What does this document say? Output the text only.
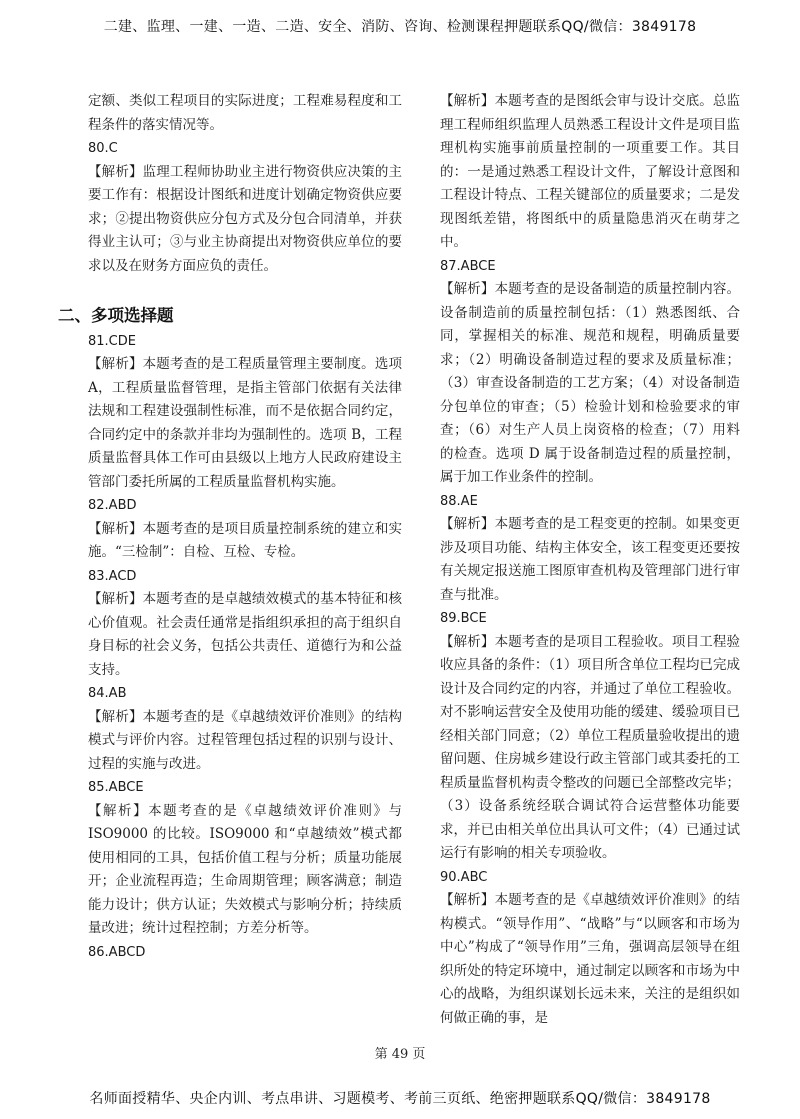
二建、监理、一建、一造、二造、安全、消防、咨询、检测课程押题联系QQ/微信：3849178
定额、类似工程项目的实际进度；工程难易程度和工程条件的落实情况等。
80.C
【解析】监理工程师协助业主进行物资供应决策的主要工作有：根据设计图纸和进度计划确定物资供应要求；②提出物资供应分包方式及分包合同清单，并获得业主认可；③与业主协商提出对物资供应单位的要求以及在财务方面应负的责任。
二、多项选择题
81.CDE
【解析】本题考查的是工程质量管理主要制度。选项 A，工程质量监督管理，是指主管部门依据有关法律法规和工程建设强制性标准，而不是依据合同约定，合同约定中的条款并非均为强制性的。选项 B，工程质量监督具体工作可由县级以上地方人民政府建设主管部门委托所属的工程质量监督机构实施。
82.ABD
【解析】本题考查的是项目质量控制系统的建立和实施。“三检制”：自检、互检、专检。
83.ACD
【解析】本题考查的是卓越绩效模式的基本特征和核心价值观。社会责任通常是指组织承担的高于组织自身目标的社会义务，包括公共责任、道德行为和公益支持。
84.AB
【解析】本题考查的是《卓越绩效评价准则》的结构模式与评价内容。过程管理包括过程的识别与设计、过程的实施与改进。
85.ABCE
【解析】本题考查的是《卓越绩效评价准则》与 ISO9000 的比较。ISO9000 和“卓越绩效”模式都使用相同的工具，包括价值工程与分析；质量功能展开；企业流程再造；生命周期管理；顾客满意；制造能力设计；供方认证；失效模式与影响分析；持续质量改进；统计过程控制；方差分析等。
86.ABCD
【解析】本题考查的是图纸会审与设计交底。总监理工程师组织监理人员熟悉工程设计文件是项目监理机构实施事前质量控制的一项重要工作。其目的：一是通过熟悉工程设计文件，了解设计意图和工程设计特点、工程关键部位的质量要求；二是发现图纸差错，将图纸中的质量隐患消灭在萌芽之中。
87.ABCE
【解析】本题考查的是设备制造的质量控制内容。设备制造前的质量控制包括：（1）熟悉图纸、合同，掌握相关的标准、规范和规程，明确质量要求；（2）明确设备制造过程的要求及质量标准；（3）审查设备制造的工艺方案；（4）对设备制造分包单位的审查；（5）检验计划和检验要求的审查；（6）对生产人员上岗资格的检查；（7）用料的检查。选项 D 属于设备制造过程的质量控制，属于加工作业条件的控制。
88.AE
【解析】本题考查的是工程变更的控制。如果变更涉及项目功能、结构主体安全，该工程变更还要按有关规定报送施工图原审查机构及管理部门进行审查与批准。
89.BCE
【解析】本题考查的是项目工程验收。项目工程验收应具备的条件：（1）项目所含单位工程均已完成设计及合同约定的内容，并通过了单位工程验收。对不影响运营安全及使用功能的缓建、缓验项目已经相关部门同意；（2）单位工程质量验收提出的遗留问题、住房城乡建设行政主管部门或其委托的工程质量监督机构责令整改的问题已全部整改完毕；（3）设备系统经联合调试符合运营整体功能要求，并已由相关单位出具认可文件；（4）已通过试运行有影响的相关专项验收。
90.ABC
【解析】本题考查的是《卓越绩效评价准则》的结构模式。“领导作用”、“战略”与“以顾客和市场为中心”构成了“领导作用”三角，强调高层领导在组织所处的特定环境中，通过制定以顾客和市场为中心的战略，为组织谋划长远未来，关注的是组织如何做正确的事，是
第 49 页
名师面授精华、央企内训、考点串讲、习题模考、考前三页纸、绝密押题联系QQ/微信：3849178
